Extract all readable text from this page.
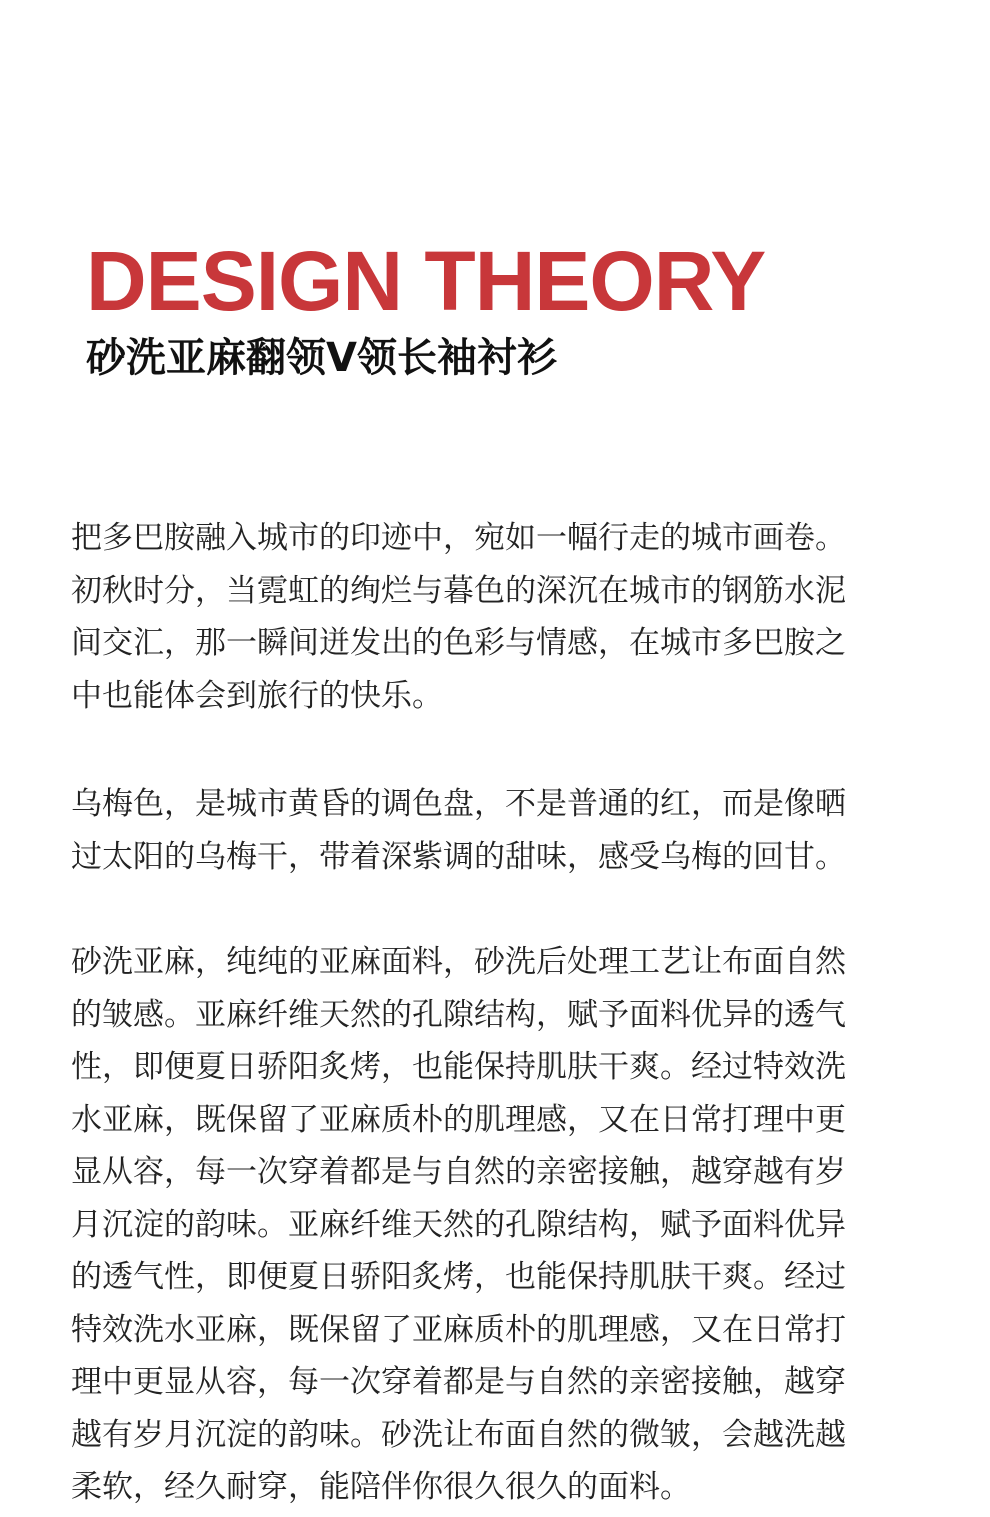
DESIGN THEORY
砂洗亚麻翻领V领长袖衬衫

把多巴胺融入城市的印迹中，宛如一幅行走的城市画卷。
初秋时分，当霓虹的绚烂与暮色的深沉在城市的钢筋水泥
间交汇，那一瞬间迸发出的色彩与情感，在城市多巴胺之
中也能体会到旅行的快乐。

乌梅色，是城市黄昏的调色盘，不是普通的红，而是像晒
过太阳的乌梅干，带着深紫调的甜味，感受乌梅的回甘。

砂洗亚麻，纯纯的亚麻面料，砂洗后处理工艺让布面自然
的皱感。亚麻纤维天然的孔隙结构，赋予面料优异的透气
性，即便夏日骄阳炙烤，也能保持肌肤干爽。经过特效洗
水亚麻，既保留了亚麻质朴的肌理感，又在日常打理中更
显从容，每一次穿着都是与自然的亲密接触，越穿越有岁
月沉淀的韵味。亚麻纤维天然的孔隙结构，赋予面料优异
的透气性，即便夏日骄阳炙烤，也能保持肌肤干爽。经过
特效洗水亚麻，既保留了亚麻质朴的肌理感，又在日常打
理中更显从容，每一次穿着都是与自然的亲密接触，越穿
越有岁月沉淀的韵味。砂洗让布面自然的微皱，会越洗越
柔软，经久耐穿，能陪伴你很久很久的面料。
